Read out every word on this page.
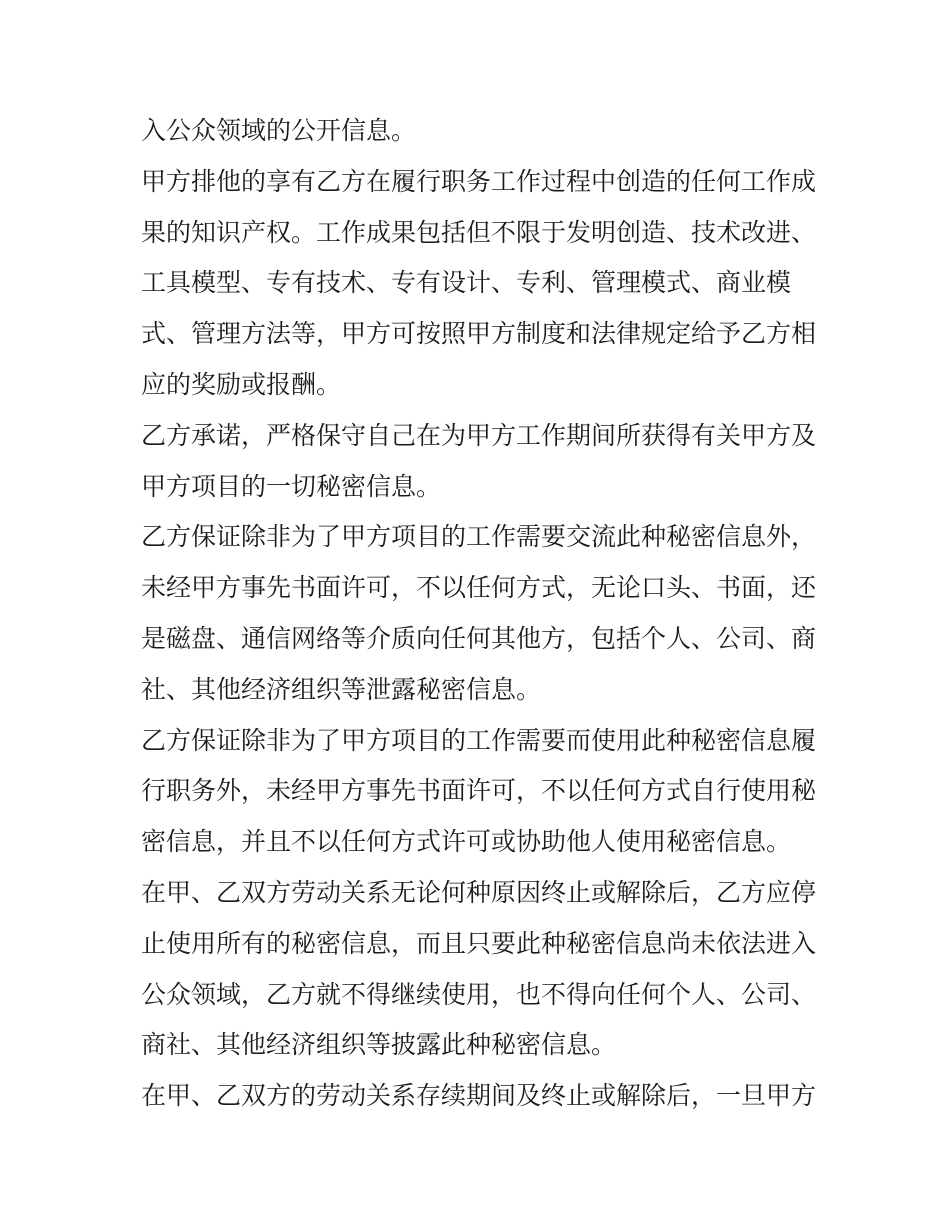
入公众领域的公开信息。
甲方排他的享有乙方在履行职务工作过程中创造的任何工作成
果的知识产权。工作成果包括但不限于发明创造、技术改进、
工具模型、专有技术、专有设计、专利、管理模式、商业模
式、管理方法等，甲方可按照甲方制度和法律规定给予乙方相
应的奖励或报酬。
乙方承诺，严格保守自己在为甲方工作期间所获得有关甲方及
甲方项目的一切秘密信息。
乙方保证除非为了甲方项目的工作需要交流此种秘密信息外，
未经甲方事先书面许可，不以任何方式，无论口头、书面，还
是磁盘、通信网络等介质向任何其他方，包括个人、公司、商
社、其他经济组织等泄露秘密信息。
乙方保证除非为了甲方项目的工作需要而使用此种秘密信息履
行职务外，未经甲方事先书面许可，不以任何方式自行使用秘
密信息，并且不以任何方式许可或协助他人使用秘密信息。
在甲、乙双方劳动关系无论何种原因终止或解除后，乙方应停
止使用所有的秘密信息，而且只要此种秘密信息尚未依法进入
公众领域，乙方就不得继续使用，也不得向任何个人、公司、
商社、其他经济组织等披露此种秘密信息。
在甲、乙双方的劳动关系存续期间及终止或解除后，一旦甲方
